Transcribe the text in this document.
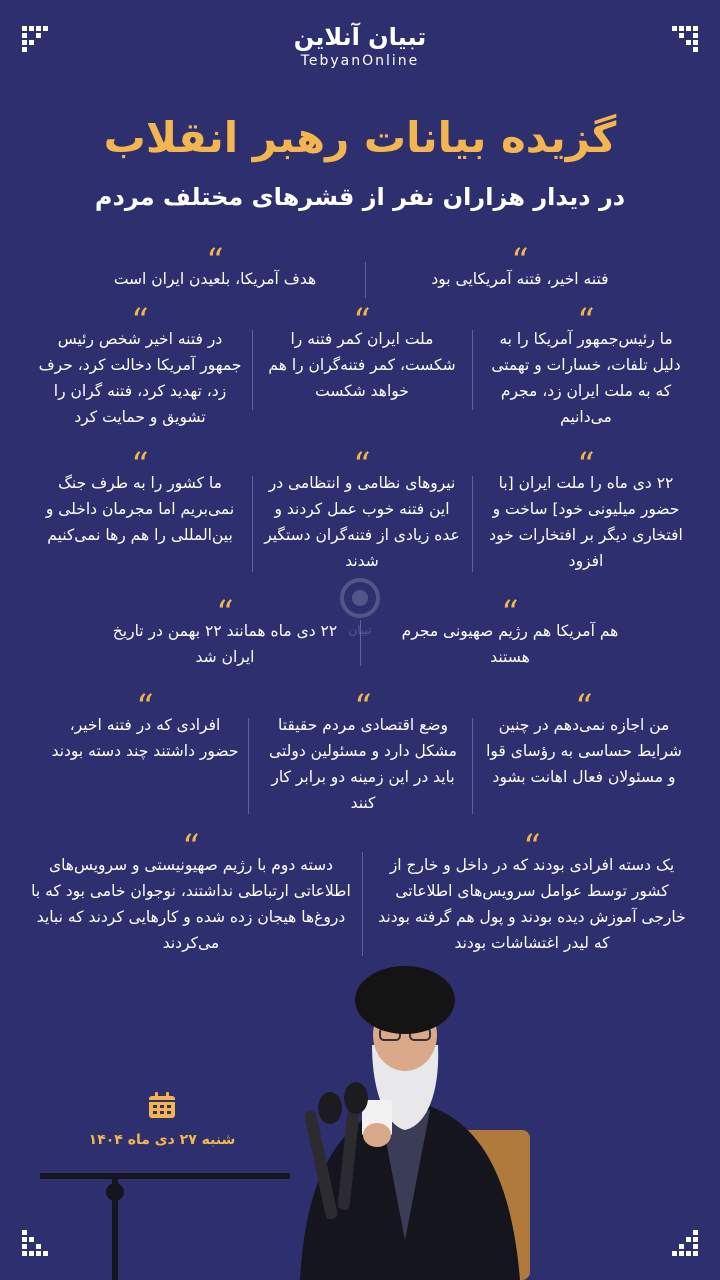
تبیان آنلاین
TebyanOnline
گزیده بیانات رهبر انقلاب
در دیدار هزاران نفر از قشرهای مختلف مردم
تبیان
“
فتنه اخیر، فتنه آمریکایی بود
“
هدف آمریکا، بلعیدن ایران است
“
ما رئیس‌جمهور آمریکا را به دلیل تلفات، خسارات و تهمتی که به ملت ایران زد، مجرم می‌دانیم
“
ملت ایران کمر فتنه را شکست، کمر فتنه‌گران را هم خواهد شکست
“
در فتنه اخیر شخص رئیس جمهور آمریکا دخالت کرد، حرف زد، تهدید کرد، فتنه گران را تشویق و حمایت کرد
“
۲۲ دی ماه را ملت ایران [با حضور میلیونی خود] ساخت و افتخاری دیگر بر افتخارات خود افزود
“
نیروهای نظامی و انتظامی در این فتنه خوب عمل کردند و عده زیادی از فتنه‌گران دستگیر شدند
“
ما کشور را به طرف جنگ نمی‌بریم اما مجرمان داخلی و بین‌المللی را هم رها نمی‌کنیم
“
هم آمریکا هم رژیم صهیونی مجرم هستند
“
۲۲ دی ماه همانند ۲۲ بهمن در تاریخ ایران شد
“
من اجازه نمی‌دهم در چنین شرایط حساسی به رؤسای قوا و مسئولان فعال اهانت بشود
“
وضع اقتصادی مردم حقیقتا مشکل دارد و مسئولین دولتی باید در این زمینه دو برابر کار کنند
“
افرادی که در فتنه اخیر، حضور داشتند چند دسته بودند
“
یک دسته افرادی بودند که در داخل و خارج از کشور توسط عوامل سرویس‌های اطلاعاتی خارجی آموزش دیده بودند و پول هم گرفته بودند که لیدر اغتشاشات بودند
“
دسته دوم با رژیم صهیونیستی و سرویس‌های اطلاعاتی ارتباطی نداشتند، نوجوان خامی بود که با دروغ‌ها هیجان زده شده و کارهایی کردند که نباید می‌کردند
شنبه ۲۷ دی ماه ۱۴۰۴
